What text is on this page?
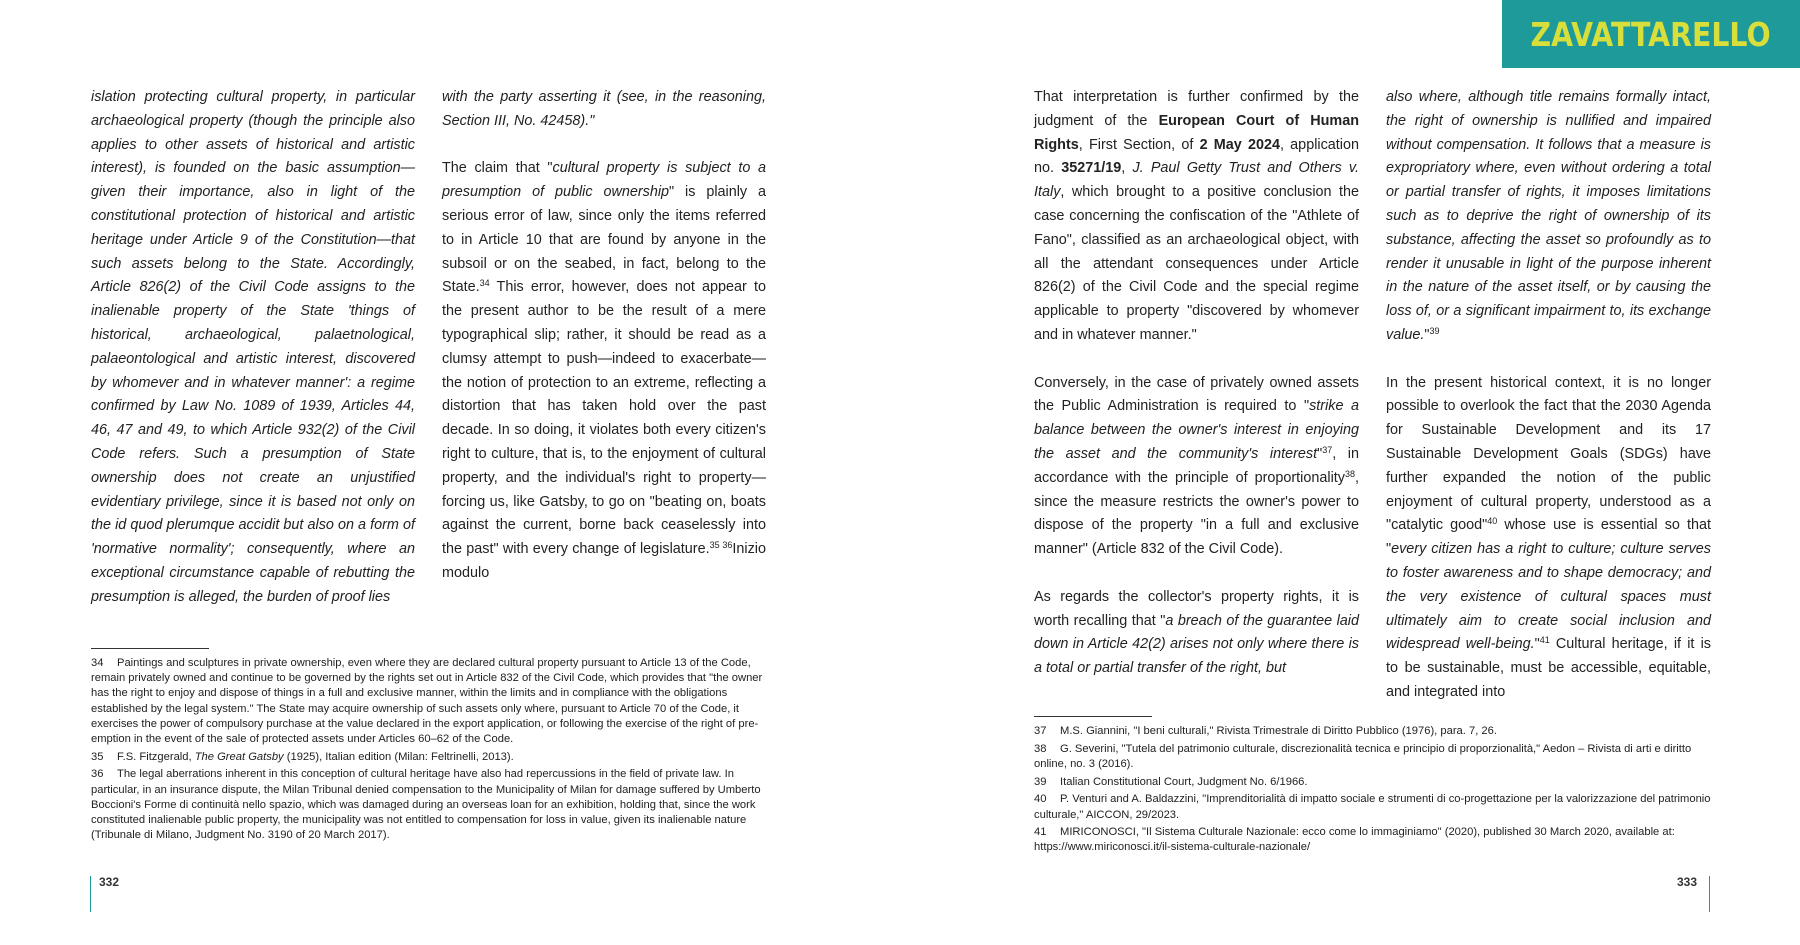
ZAVATTARELLO

islation protecting cultural property, in particular archaeological property (though the principle also applies to other assets of historical and artistic interest), is founded on the basic assumption—given their importance, also in light of the constitutional protection of historical and artistic heritage under Article 9 of the Constitution—that such assets belong to the State. Accordingly, Article 826(2) of the Civil Code assigns to the inalienable property of the State 'things of historical, archaeological, palaetnological, palaeontological and artistic interest, discovered by whomever and in whatever manner': a regime confirmed by Law No. 1089 of 1939, Articles 44, 46, 47 and 49, to which Article 932(2) of the Civil Code refers. Such a presumption of State ownership does not create an unjustified evidentiary privilege, since it is based not only on the id quod plerumque accidit but also on a form of 'normative normality'; consequently, where an exceptional circumstance capable of rebutting the presumption is alleged, the burden of proof lies

with the party asserting it (see, in the reasoning, Section III, No. 42458)."

The claim that "cultural property is subject to a presumption of public ownership" is plainly a serious error of law, since only the items referred to in Article 10 that are found by anyone in the subsoil or on the seabed, in fact, belong to the State.$^{34}$ This error, however, does not appear to the present author to be the result of a mere typographical slip; rather, it should be read as a clumsy attempt to push—indeed to exacerbate—the notion of protection to an extreme, reflecting a distortion that has taken hold over the past decade. In so doing, it violates both every citizen's right to culture, that is, to the enjoyment of cultural property, and the individual's right to property—forcing us, like Gatsby, to go on "beating on, boats against the current, borne back ceaselessly into the past" with every change of legislature.$^{35 36}$Inizio modulo

34 Paintings and sculptures in private ownership, even where they are declared cultural property pursuant to Article 13 of the Code, remain privately owned and continue to be governed by the rights set out in Article 832 of the Civil Code, which provides that "the owner has the right to enjoy and dispose of things in a full and exclusive manner, within the limits and in compliance with the obligations established by the legal system." The State may acquire ownership of such assets only where, pursuant to Article 70 of the Code, it exercises the power of compulsory purchase at the value declared in the export application, or following the exercise of the right of pre-emption in the event of the sale of protected assets under Articles 60–62 of the Code.
35 F.S. Fitzgerald, The Great Gatsby (1925), Italian edition (Milan: Feltrinelli, 2013).
36 The legal aberrations inherent in this conception of cultural heritage have also had repercussions in the field of private law. In particular, in an insurance dispute, the Milan Tribunal denied compensation to the Municipality of Milan for damage suffered by Umberto Boccioni's Forme di continuità nello spazio, which was damaged during an overseas loan for an exhibition, holding that, since the work constituted inalienable public property, the municipality was not entitled to compensation for loss in value, given its inalienable nature (Tribunale di Milano, Judgment No. 3190 of 20 March 2017).
332

That interpretation is further confirmed by the judgment of the European Court of Human Rights, First Section, of 2 May 2024, application no. 35271/19, J. Paul Getty Trust and Others v. Italy, which brought to a positive conclusion the case concerning the confiscation of the "Athlete of Fano", classified as an archaeological object, with all the attendant consequences under Article 826(2) of the Civil Code and the special regime applicable to property "discovered by whomever and in whatever manner."

Conversely, in the case of privately owned assets the Public Administration is required to "strike a balance between the owner's interest in enjoying the asset and the community's interest"$^{37}$, in accordance with the principle of proportionality$^{38}$, since the measure restricts the owner's power to dispose of the property "in a full and exclusive manner" (Article 832 of the Civil Code).

As regards the collector's property rights, it is worth recalling that "a breach of the guarantee laid down in Article 42(2) arises not only where there is a total or partial transfer of the right, but

also where, although title remains formally intact, the right of ownership is nullified and impaired without compensation. It follows that a measure is expropriatory where, even without ordering a total or partial transfer of rights, it imposes limitations such as to deprive the right of ownership of its substance, affecting the asset so profoundly as to render it unusable in light of the purpose inherent in the nature of the asset itself, or by causing the loss of, or a significant impairment to, its exchange value."$^{39}$

In the present historical context, it is no longer possible to overlook the fact that the 2030 Agenda for Sustainable Development and its 17 Sustainable Development Goals (SDGs) have further expanded the notion of the public enjoyment of cultural property, understood as a "catalytic good"$^{40}$ whose use is essential so that "every citizen has a right to culture; culture serves to foster awareness and to shape democracy; and the very existence of cultural spaces must ultimately aim to create social inclusion and widespread well-being."$^{41}$ Cultural heritage, if it is to be sustainable, must be accessible, equitable, and integrated into

37 M.S. Giannini, "I beni culturali," Rivista Trimestrale di Diritto Pubblico (1976), para. 7, 26.
38 G. Severini, "Tutela del patrimonio culturale, discrezionalità tecnica e principio di proporzionalità," Aedon – Rivista di arti e diritto online, no. 3 (2016).
39 Italian Constitutional Court, Judgment No. 6/1966.
40 P. Venturi and A. Baldazzini, "Imprenditorialità di impatto sociale e strumenti di co-progettazione per la valorizzazione del patrimonio culturale," AICCON, 29/2023.
41 MIRICONOSCI, "Il Sistema Culturale Nazionale: ecco come lo immaginiamo" (2020), published 30 March 2020, available at: https://www.miriconosci.it/il-sistema-culturale-nazionale/
333
